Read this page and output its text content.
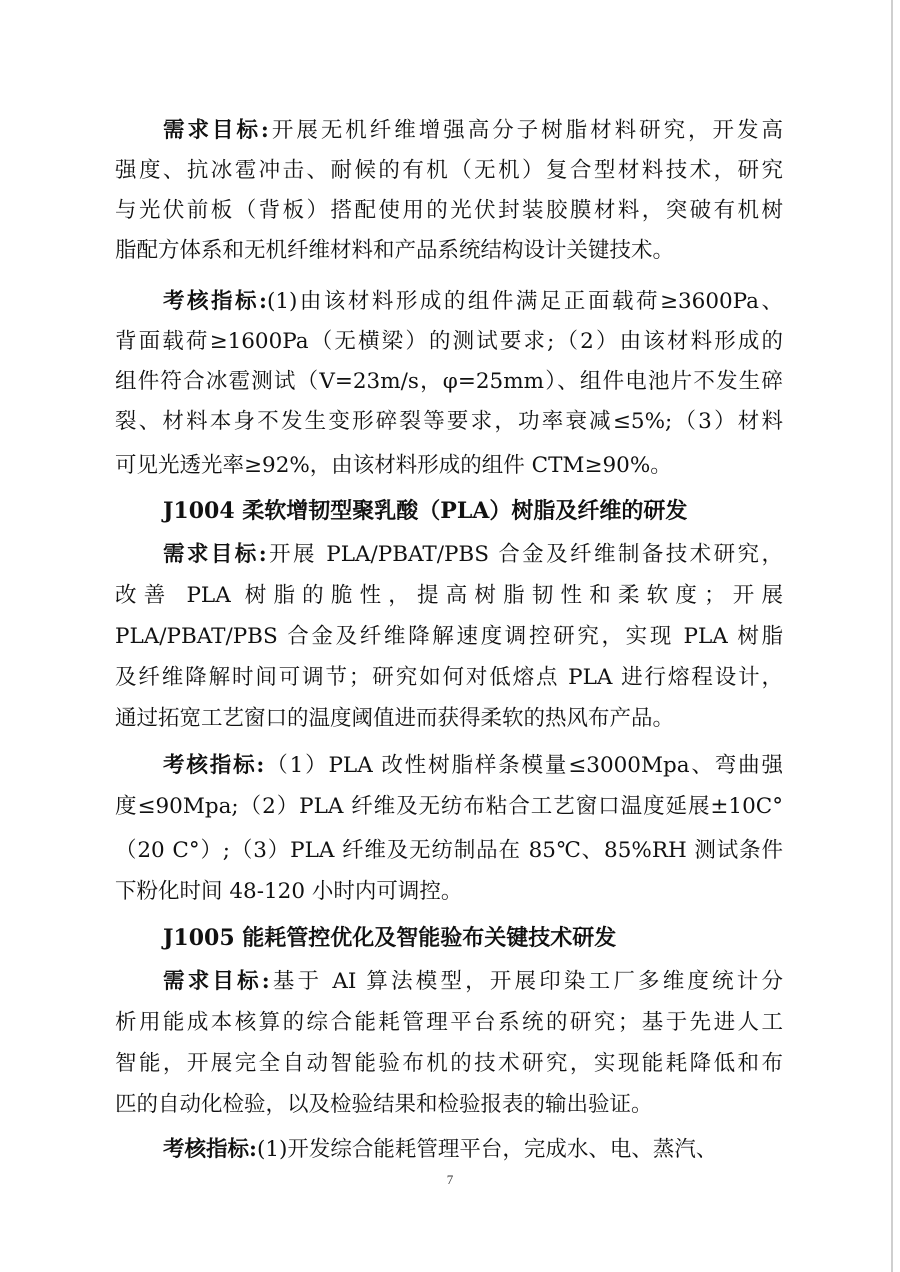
需求目标:开展无机纤维增强高分子树脂材料研究，开发高
强度、抗冰雹冲击、耐候的有机（无机）复合型材料技术，研究
与光伏前板（背板）搭配使用的光伏封装胶膜材料，突破有机树
脂配方体系和无机纤维材料和产品系统结构设计关键技术。
考核指标:(1)由该材料形成的组件满足正面载荷≥3600Pa、
背面载荷≥1600Pa（无横梁）的测试要求;（2）由该材料形成的
组件符合冰雹测试（V=23m/s，φ=25mm）、组件电池片不发生碎
裂、材料本身不发生变形碎裂等要求，功率衰减≤5%;（3）材料
可见光透光率≥92%，由该材料形成的组件 CTM≥90%。
J1004 柔软增韧型聚乳酸（PLA）树脂及纤维的研发
需求目标:开展 PLA/PBAT/PBS 合金及纤维制备技术研究，
改善 PLA 树脂的脆性，提高树脂韧性和柔软度；开展
PLA/PBAT/PBS 合金及纤维降解速度调控研究，实现 PLA 树脂
及纤维降解时间可调节；研究如何对低熔点 PLA 进行熔程设计，
通过拓宽工艺窗口的温度阈值进而获得柔软的热风布产品。
考核指标:（1）PLA 改性树脂样条模量≤3000Mpa、弯曲强
度≤90Mpa;（2）PLA 纤维及无纺布粘合工艺窗口温度延展±10C°
（20 C°）;（3）PLA 纤维及无纺制品在 85℃、85%RH 测试条件
下粉化时间 48-120 小时内可调控。
J1005 能耗管控优化及智能验布关键技术研发
需求目标:基于 AI 算法模型，开展印染工厂多维度统计分
析用能成本核算的综合能耗管理平台系统的研究；基于先进人工
智能，开展完全自动智能验布机的技术研究，实现能耗降低和布
匹的自动化检验，以及检验结果和检验报表的输出验证。
考核指标:(1)开发综合能耗管理平台，完成水、电、蒸汽、
7
